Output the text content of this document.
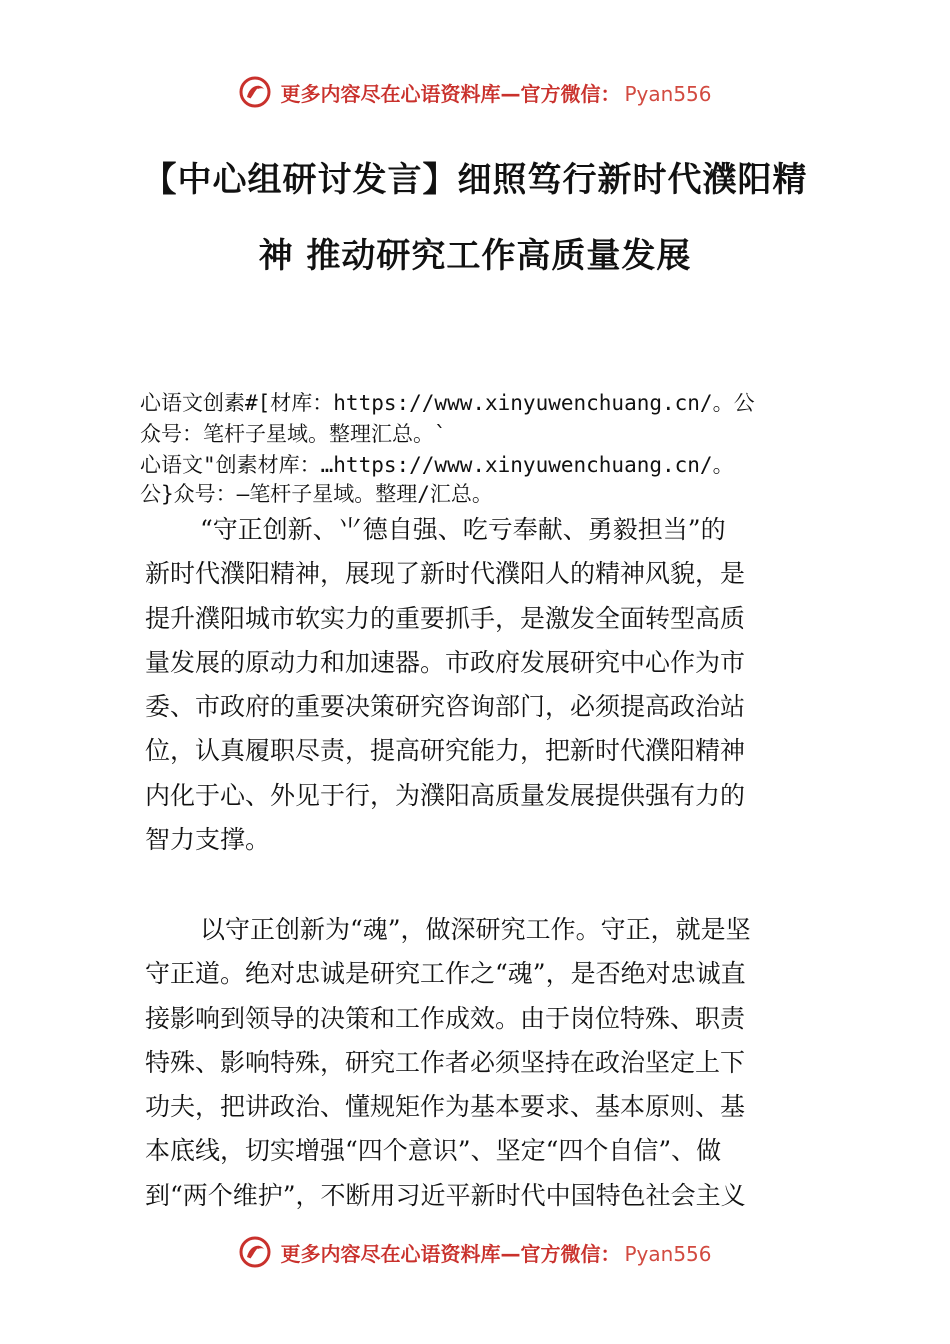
更多内容尽在心语资料库—官方微信： Pyan556
【中心组研讨发言】细照笃行新时代濮阳精
神 推动研究工作高质量发展
心语文创素#[材库：https://www.xinyuwenchuang.cn/。公
众号：笔杆子星域。整理汇总。`
心语文"创素材库：…https://www.xinyuwenchuang.cn/。
公}众号：—笔杆子星域。整理/汇总。
“守正创新、⺌德自强、吃亏奉献、勇毅担当”的
新时代濮阳精神，展现了新时代濮阳人的精神风貌，是
提升濮阳城市软实力的重要抓手，是激发全面转型高质
量发展的原动力和加速器。市政府发展研究中心作为市
委、市政府的重要决策研究咨询部门，必须提高政治站
位，认真履职尽责，提高研究能力，把新时代濮阳精神
内化于心、外见于行，为濮阳高质量发展提供强有力的
智力支撑。
以守正创新为“魂”，做深研究工作。守正，就是坚
守正道。绝对忠诚是研究工作之“魂”，是否绝对忠诚直
接影响到领导的决策和工作成效。由于岗位特殊、职责
特殊、影响特殊，研究工作者必须坚持在政治坚定上下
功夫，把讲政治、懂规矩作为基本要求、基本原则、基
本底线，切实增强“四个意识”、坚定“四个自信”、做
到“两个维护”，不断用习近平新时代中国特色社会主义
更多内容尽在心语资料库—官方微信： Pyan556
